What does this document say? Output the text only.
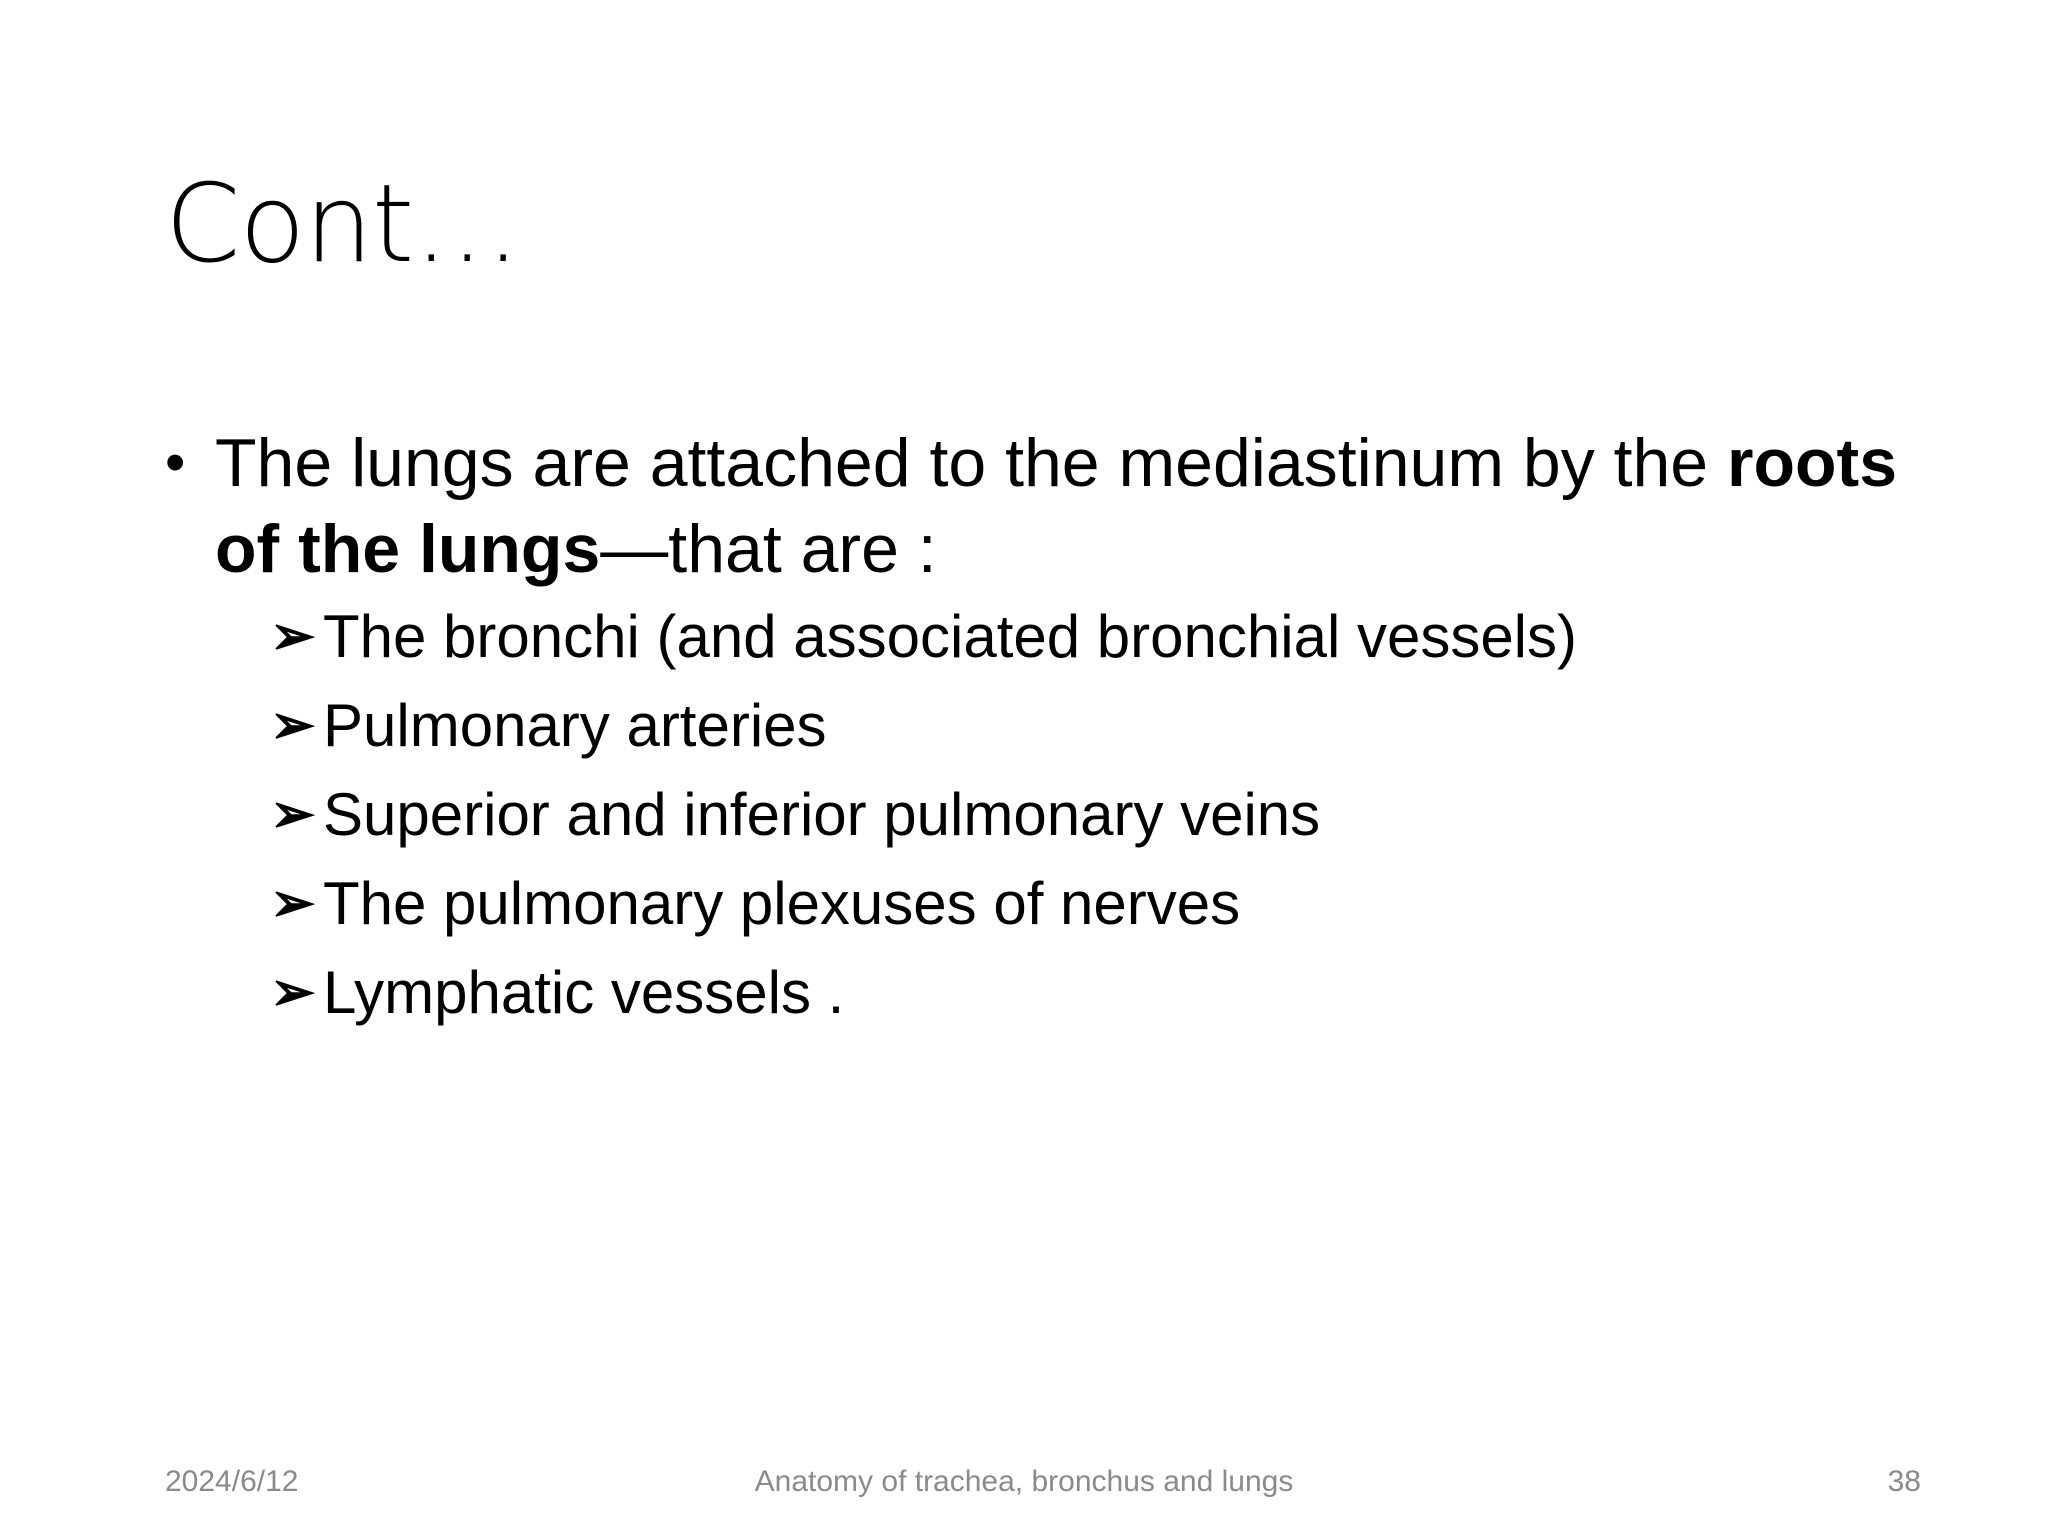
Cont…
• The lungs are attached to the mediastinum by the roots of the lungs—that are :
➢ The bronchi (and associated bronchial vessels)
➢ Pulmonary arteries
➢ Superior and inferior pulmonary veins
➢ The pulmonary plexuses of nerves
➢ Lymphatic vessels .
2024/6/12	Anatomy of trachea, bronchus and lungs	38
